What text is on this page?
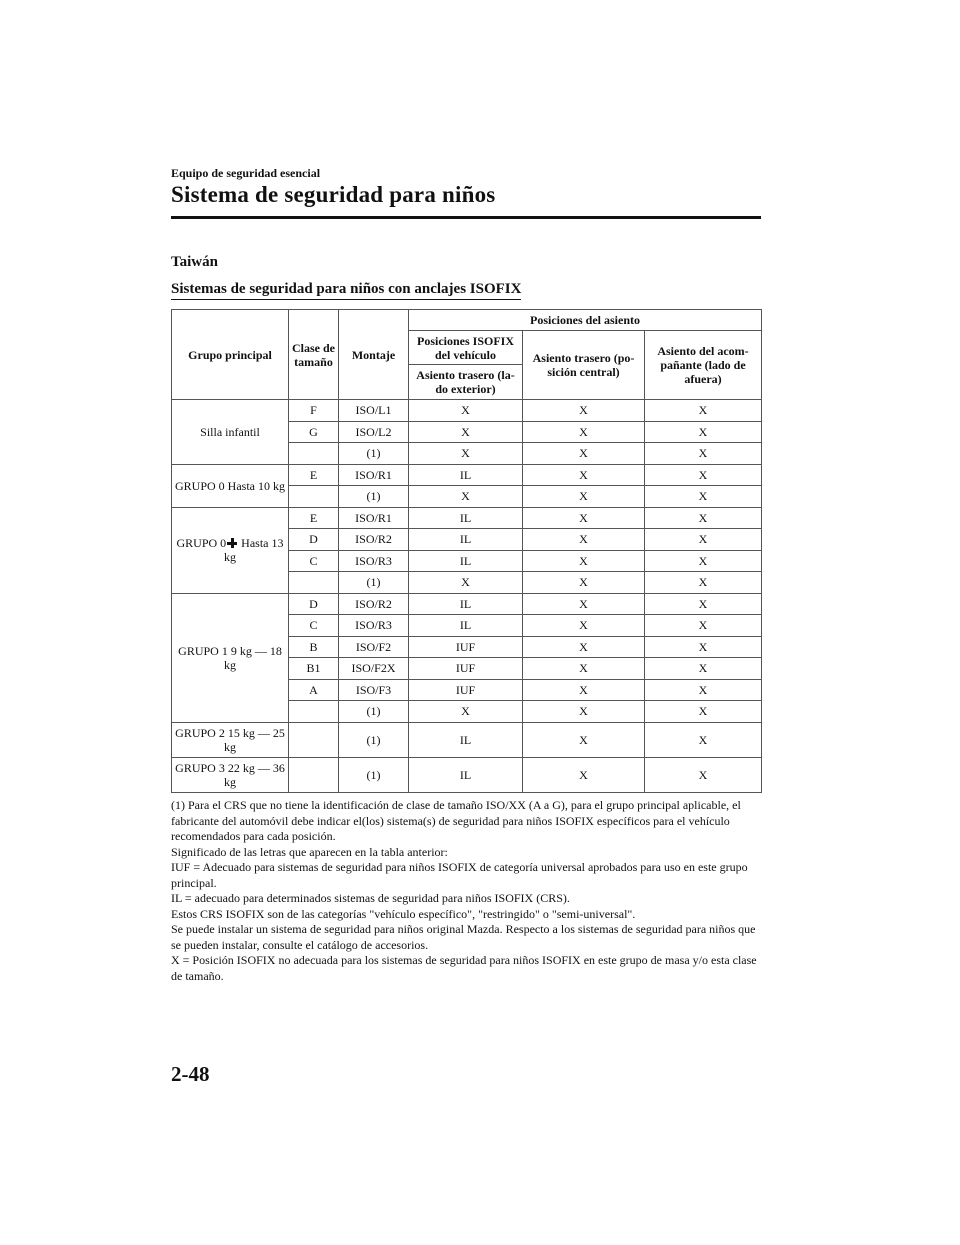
Equipo de seguridad esencial
Sistema de seguridad para niños
Taiwán
Sistemas de seguridad para niños con anclajes ISOFIX
Grupo principal	Clase de tamaño	Montaje	Posiciones del asiento		
			Posiciones ISOFIX del vehículo	Asiento trasero (po-sición central)	Asiento del acom-pañante (lado de afuera)
			Asiento trasero (la-do exterior)		
Silla infantil	F	ISO/L1	X	X	X
	G	ISO/L2	X	X	X
		(1)	X	X	X
GRUPO 0 Hasta 10 kg	E	ISO/R1	IL	X	X
		(1)	X	X	X
GRUPO 0 Hasta 13 kg	E	ISO/R1	IL	X	X
	D	ISO/R2	IL	X	X
	C	ISO/R3	IL	X	X
		(1)	X	X	X
GRUPO 1 9 kg ― 18 kg	D	ISO/R2	IL	X	X
	C	ISO/R3	IL	X	X
	B	ISO/F2	IUF	X	X
	B1	ISO/F2X	IUF	X	X
	A	ISO/F3	IUF	X	X
		(1)	X	X	X
GRUPO 2 15 kg ― 25 kg		(1)	IL	X	X
GRUPO 3 22 kg ― 36 kg		(1)	IL	X	X

(1) Para el CRS que no tiene la identificación de clase de tamaño ISO/XX (A a G), para el grupo principal aplicable, el fabricante del automóvil debe indicar el(los) sistema(s) de seguridad para niños ISOFIX específicos para el vehículo recomendados para cada posición.

Significado de las letras que aparecen en la tabla anterior:

IUF = Adecuado para sistemas de seguridad para niños ISOFIX de categoría universal aprobados para uso en este grupo principal.

IL = adecuado para determinados sistemas de seguridad para niños ISOFIX (CRS).

Estos CRS ISOFIX son de las categorías "vehículo específico", "restringido" o "semi-universal".

Se puede instalar un sistema de seguridad para niños original Mazda. Respecto a los sistemas de seguridad para niños que se pueden instalar, consulte el catálogo de accesorios.

X = Posición ISOFIX no adecuada para los sistemas de seguridad para niños ISOFIX en este grupo de masa y/o esta clase de tamaño.

2-48
